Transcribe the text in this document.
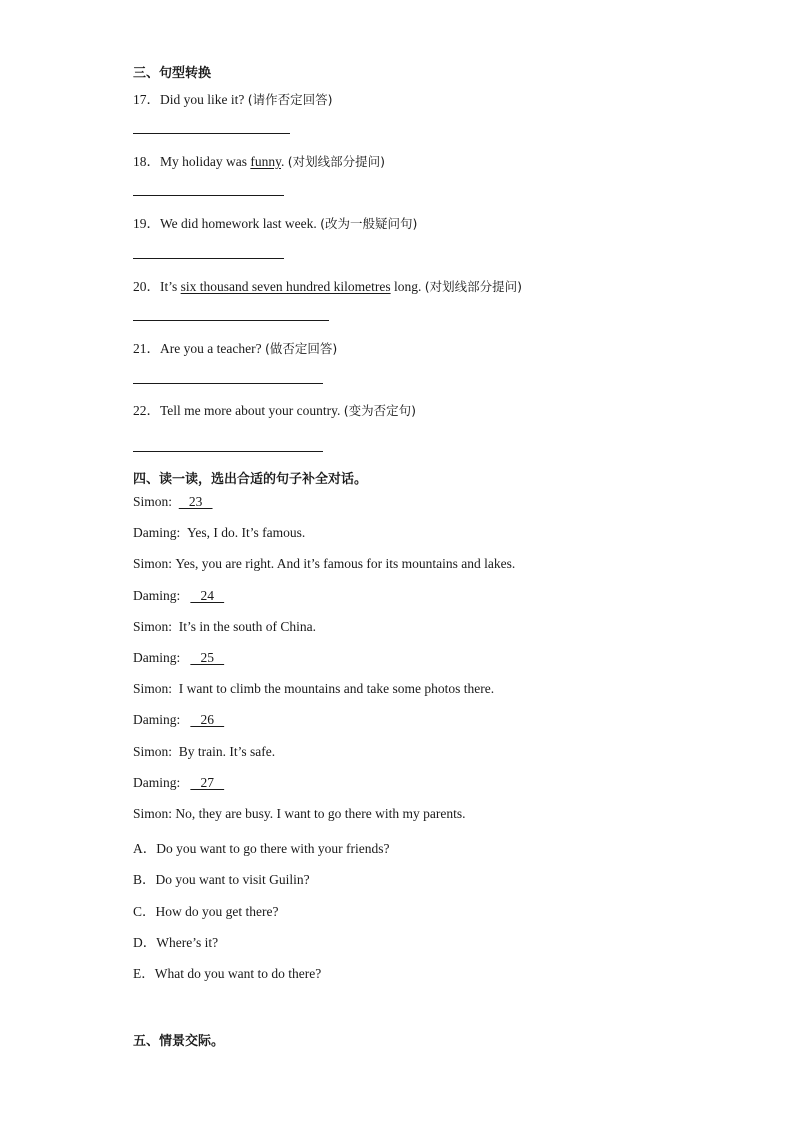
三、句型转换
17．Did you like it? (请作否定回答)
18．My holiday was funny. (对划线部分提问)
19．We did homework last week. (改为一般疑问句)
20．It’s six thousand seven hundred kilometres long. (对划线部分提问)
21．Are you a teacher? (做否定回答)
22．Tell me more about your country. (变为否定句)
四、读一读，选出合适的句子补全对话。
Simon:     23
Daming: Yes, I do. It’s famous.
Simon: Yes, you are right. And it’s famous for its mountains and lakes.
Daming:      24
Simon: It’s in the south of China.
Daming:      25
Simon: I want to climb the mountains and take some photos there.
Daming:      26
Simon: By train. It’s safe.
Daming:      27
Simon: No, they are busy. I want to go there with my parents.
A．Do you want to go there with your friends?
B．Do you want to visit Guilin?
C．How do you get there?
D．Where’s it?
E．What do you want to do there?
五、情景交际。
